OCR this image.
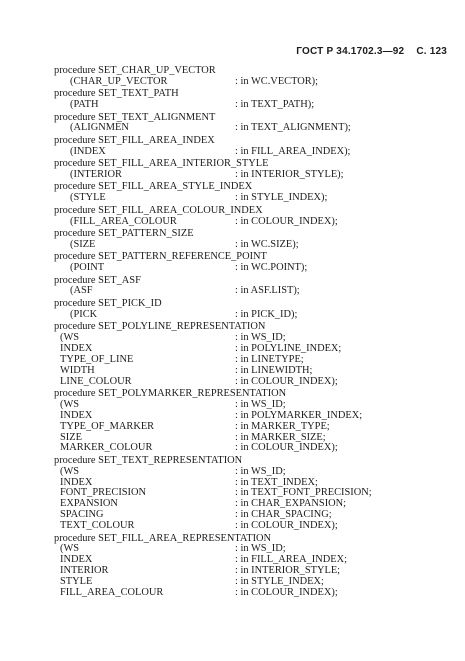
ГОСТ Р 34.1702.3—92 С. 123
procedure SET_CHAR_UP_VECTOR
(CHAR_UP_VECTOR	: in WC.VECTOR);
procedure SET_TEXT_PATH
(PATH	: in TEXT_PATH);
procedure SET_TEXT_ALIGNMENT
(ALIGNMEN	: in TEXT_ALIGNMENT);
procedure SET_FILL_AREA_INDEX
(INDEX	: in FILL_AREA_INDEX);
procedure SET_FILL_AREA_INTERIOR_STYLE
(INTERIOR	: in INTERIOR_STYLE);
procedure SET_FILL_AREA_STYLE_INDEX
(STYLE	: in STYLE_INDEX);
procedure SET_FILL_AREA_COLOUR_INDEX
(FILL_AREA_COLOUR	: in COLOUR_INDEX);
procedure SET_PATTERN_SIZE
(SIZE	: in WC.SIZE);
procedure SET_PATTERN_REFERENCE_POINT
(POINT	: in WC.POINT);
procedure SET_ASF
(ASF	: in ASF.LIST);
procedure SET_PICK_ID
(PICK	: in PICK_ID);
procedure SET_POLYLINE_REPRESENTATION
(WS	: in WS_ID;
INDEX	: in POLYLINE_INDEX;
TYPE_OF_LINE	: in LINETYPE;
WIDTH	: in LINEWIDTH;
LINE_COLOUR	: in COLOUR_INDEX);
procedure SET_POLYMARKER_REPRESENTATION
(WS	: in WS_ID;
INDEX	: in POLYMARKER_INDEX;
TYPE_OF_MARKER	: in MARKER_TYPE;
SIZE	: in MARKER_SIZE;
MARKER_COLOUR	: in COLOUR_INDEX);
procedure SET_TEXT_REPRESENTATION
(WS	: in WS_ID;
INDEX	: in TEXT_INDEX;
FONT_PRECISION	: in TEXT_FONT_PRECISION;
EXPANSION	: in CHAR_EXPANSION;
SPACING	: in CHAR_SPACING;
TEXT_COLOUR	: in COLOUR_INDEX);
procedure SET_FILL_AREA_REPRESENTATION
(WS	: in WS_ID;
INDEX	: in FILL_AREA_INDEX;
INTERIOR	: in INTERIOR_STYLE;
STYLE	: in STYLE_INDEX;
FILL_AREA_COLOUR	: in COLOUR_INDEX);
